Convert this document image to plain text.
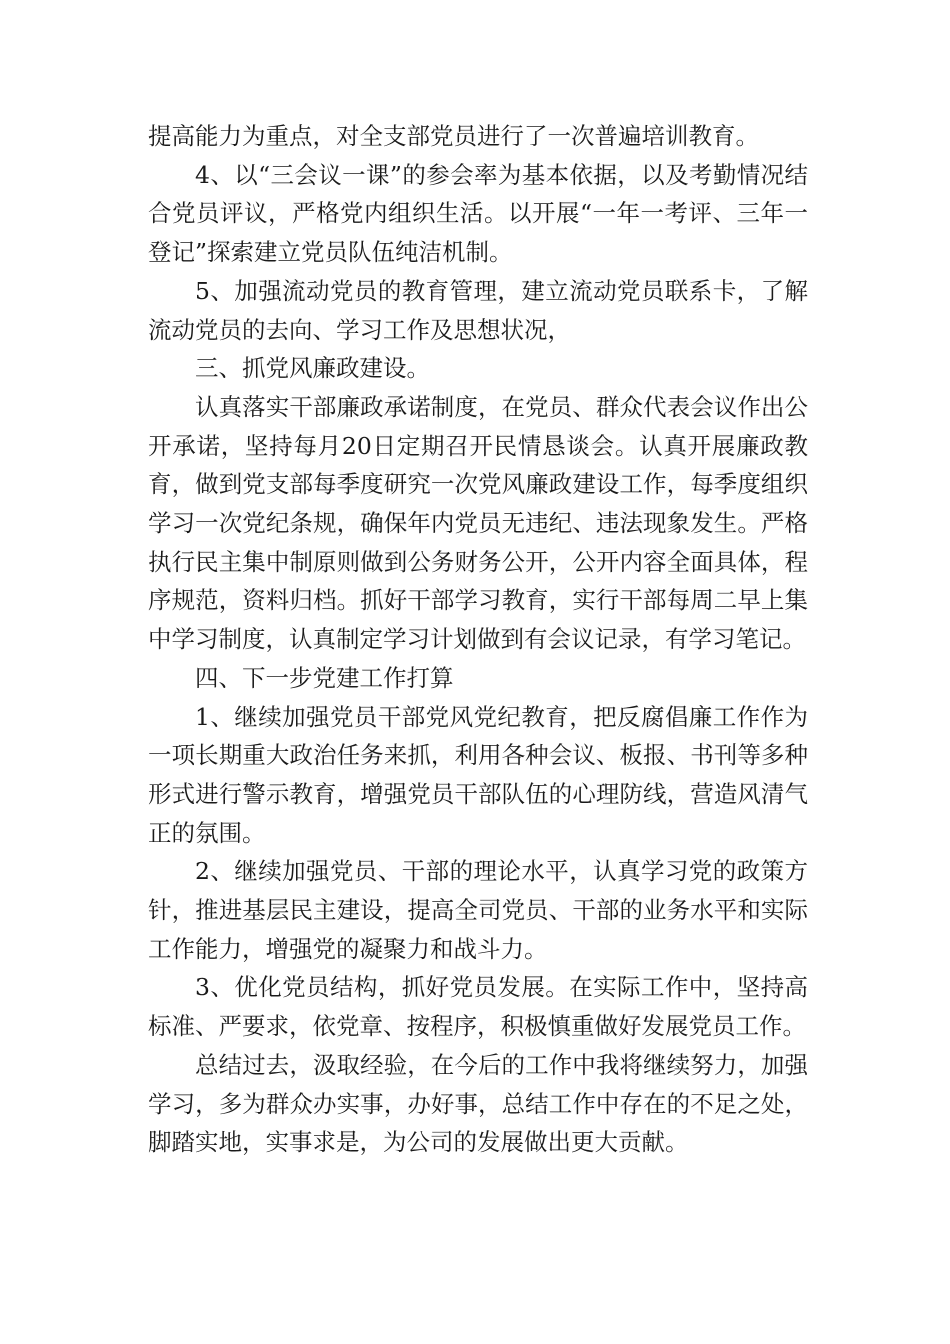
提高能力为重点，对全支部党员进行了一次普遍培训教育。

4、以“三会议一课”的参会率为基本依据，以及考勤情况结合党员评议，严格党内组织生活。以开展“一年一考评、三年一登记”探索建立党员队伍纯洁机制。

5、加强流动党员的教育管理，建立流动党员联系卡，了解流动党员的去向、学习工作及思想状况，

三、抓党风廉政建设。

认真落实干部廉政承诺制度，在党员、群众代表会议作出公开承诺，坚持每月20日定期召开民情恳谈会。认真开展廉政教育，做到党支部每季度研究一次党风廉政建设工作，每季度组织学习一次党纪条规，确保年内党员无违纪、违法现象发生。严格执行民主集中制原则做到公务财务公开，公开内容全面具体，程序规范，资料归档。抓好干部学习教育，实行干部每周二早上集中学习制度，认真制定学习计划做到有会议记录，有学习笔记。

四、下一步党建工作打算

1、继续加强党员干部党风党纪教育，把反腐倡廉工作作为一项长期重大政治任务来抓，利用各种会议、板报、书刊等多种形式进行警示教育，增强党员干部队伍的心理防线，营造风清气正的氛围。

2、继续加强党员、干部的理论水平，认真学习党的政策方针，推进基层民主建设，提高全司党员、干部的业务水平和实际工作能力，增强党的凝聚力和战斗力。

3、优化党员结构，抓好党员发展。在实际工作中，坚持高标准、严要求，依党章、按程序，积极慎重做好发展党员工作。

总结过去，汲取经验，在今后的工作中我将继续努力，加强学习，多为群众办实事，办好事，总结工作中存在的不足之处，脚踏实地，实事求是，为公司的发展做出更大贡献。
